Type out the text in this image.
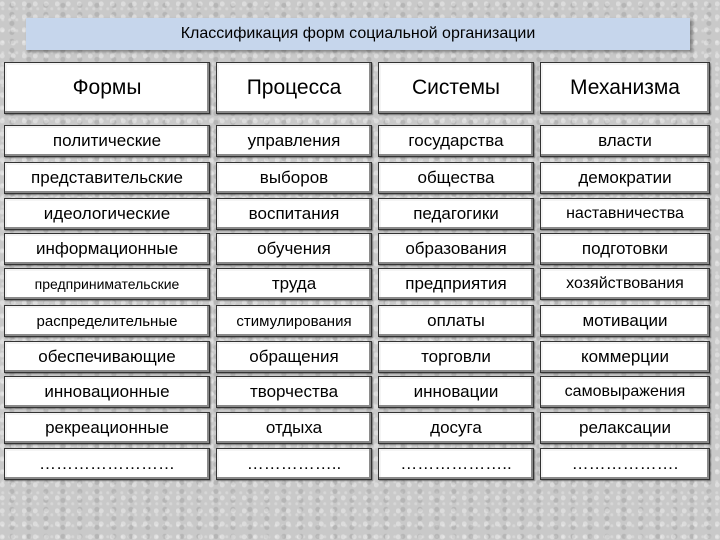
Классификация форм социальной организации
Формы	Процесса	Системы	Механизма
политические	управления	государства	власти
представительские	выборов	общества	демократии
идеологические	воспитания	педагогики	наставничества
информационные	обучения	образования	подготовки
предпринимательские	труда	предприятия	хозяйствования
распределительные	стимулирования	оплаты	мотивации
обеспечивающие	обращения	торговли	коммерции
инновационные	творчества	инновации	самовыражения
рекреационные	отдыха	досуга	релаксации
……………………	……………..	………………..	……………….
